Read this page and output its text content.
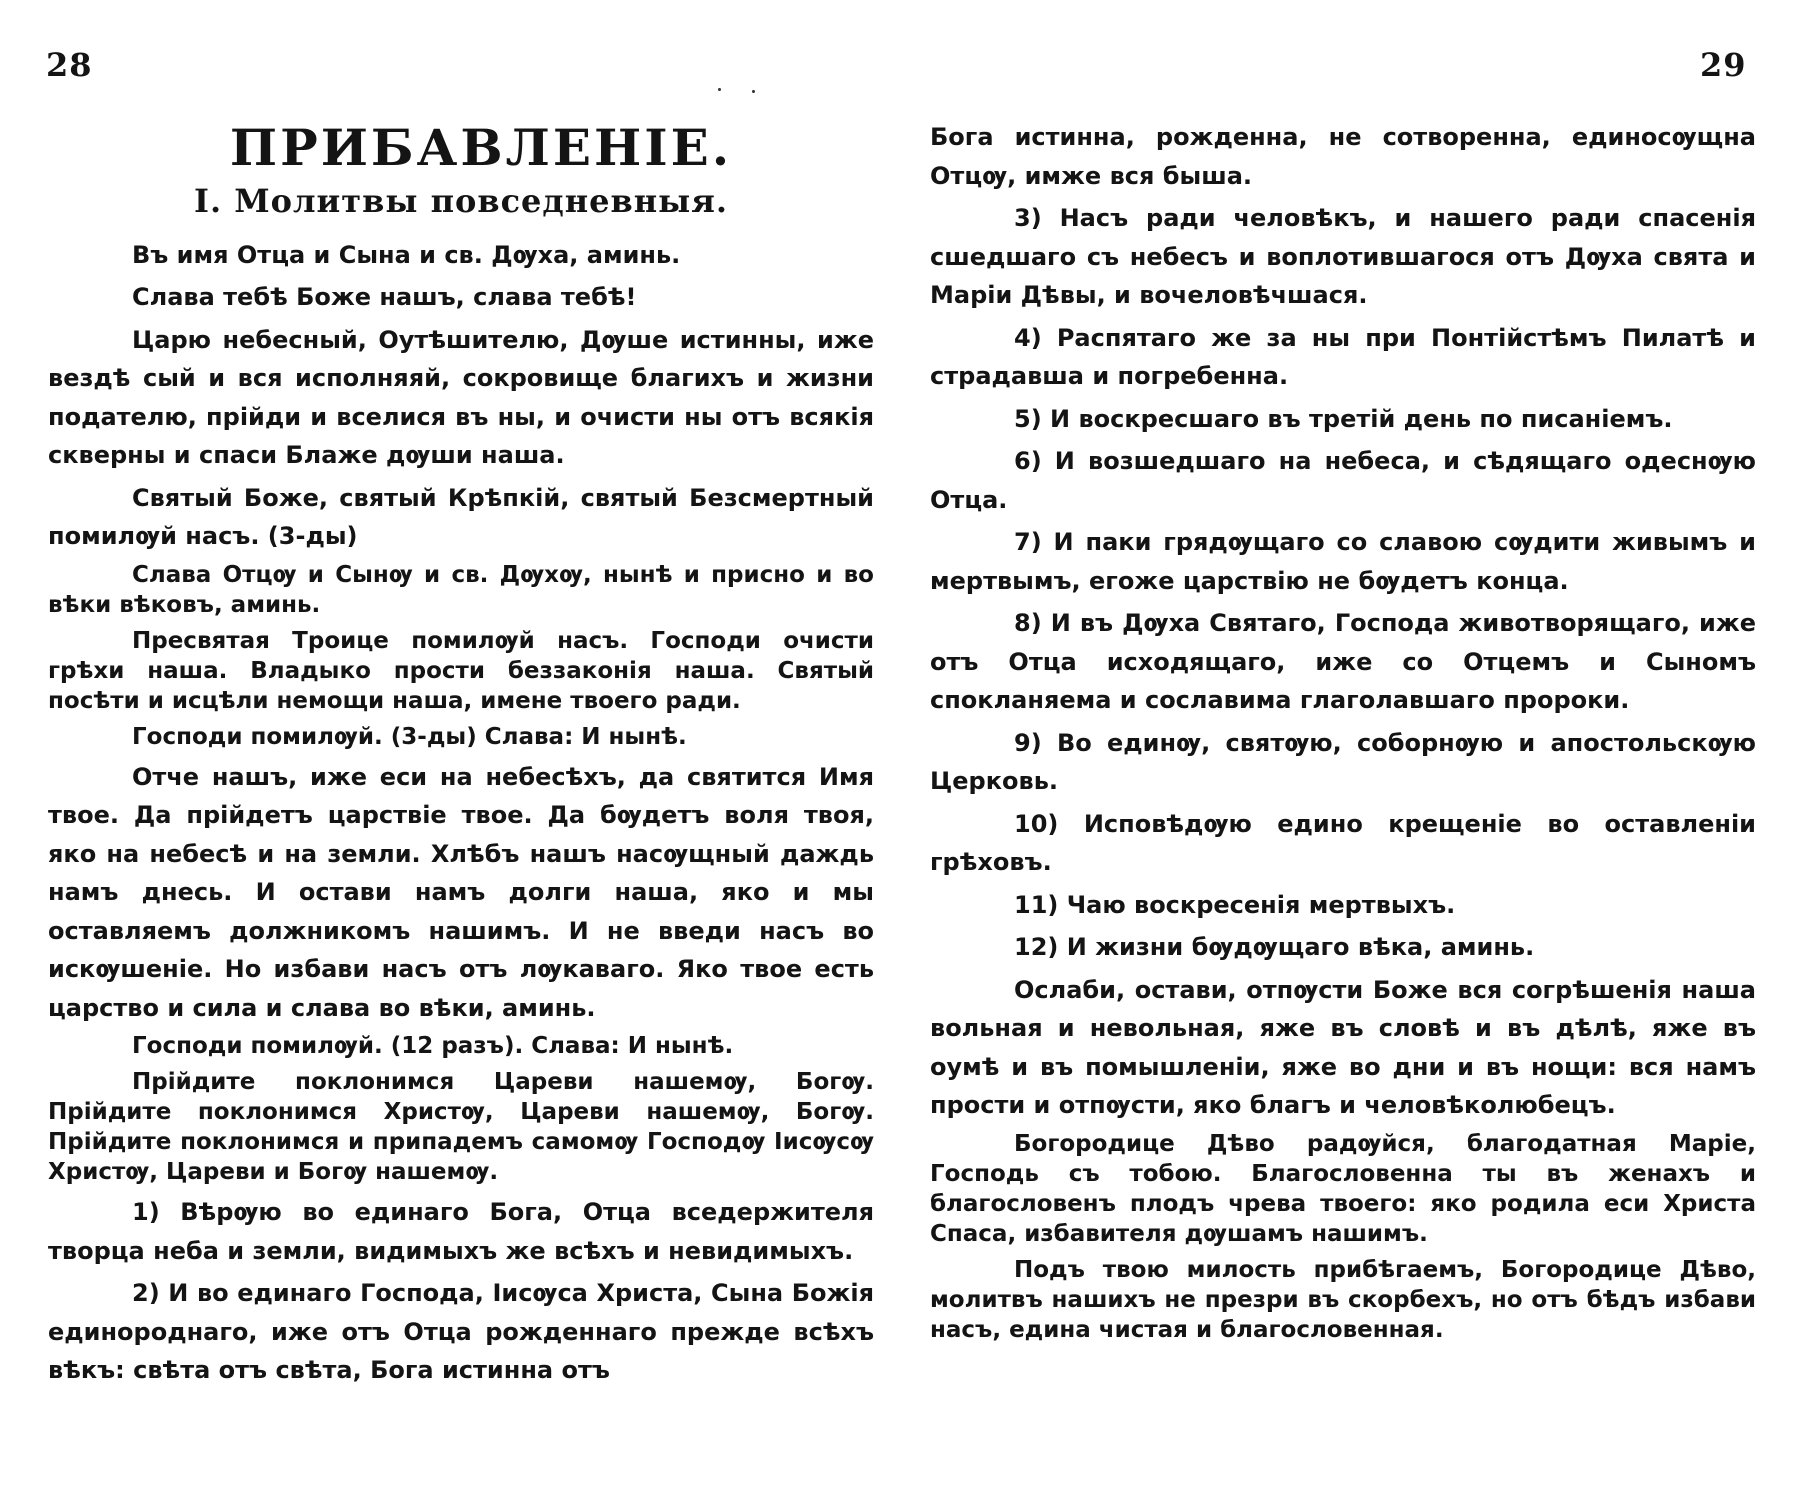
28	29
ПРИБАВЛЕНІЕ.
I. Молитвы повседневныя.

Въ имя Отца и Сына и св. Дѹха, аминь.

Слава тебѣ Боже нашъ, слава тебѣ!

Царю небесный, Оутѣшителю, Дѹше истинны, иже вездѣ сый и вся исполняяй, сокровище благихъ и жизни подателю, прійди и вселися въ ны, и очисти ны отъ всякія скверны и спаси Блаже дѹши наша.

Святый Боже, святый Крѣпкій, святый Безсмертный помилѹй насъ. (3-ды)

Слава Отцѹ и Сынѹ и св. Дѹхѹ, нынѣ и присно и во вѣки вѣковъ, аминь.

Пресвятая Троице помилѹй насъ. Господи очисти грѣхи наша. Владыко прости беззаконія наша. Святый посѣти и исцѣли немощи наша, имене твоего ради.

Господи помилѹй. (3-ды) Слава: И нынѣ.

Отче нашъ, иже еси на небесѣхъ, да святится Имя твое. Да прійдетъ царствіе твое. Да бѹдетъ воля твоя, яко на небесѣ и на земли. Хлѣбъ нашъ насѹщный даждь намъ днесь. И остави намъ долги наша, яко и мы оставляемъ должникомъ нашимъ. И не введи насъ во искѹшеніе. Но избави насъ отъ лѹкаваго. Яко твое есть царство и сила и слава во вѣки, аминь.

Господи помилѹй. (12 разъ). Слава: И нынѣ.

Прійдите поклонимся Цареви нашемѹ, Богѹ. Прійдите поклонимся Христѹ, Цареви нашемѹ, Богѹ. Прійдите поклонимся и припадемъ самомѹ Господѹ Іисѹсѹ Христѹ, Цареви и Богѹ нашемѹ.

1) Вѣрѹю во единаго Бога, Отца вседержителя творца неба и земли, видимыхъ же всѣхъ и невидимыхъ.

2) И во единаго Господа, Іисѹса Христа, Сына Божія единороднаго, иже отъ Отца рожденнаго прежде всѣхъ вѣкъ: свѣта отъ свѣта, Бога истинна отъ

Бога истинна, рожденна, не сотворенна, единосѹщна Отцѹ, имже вся быша.

3) Насъ ради человѣкъ, и нашего ради спасенія сшедшаго съ небесъ и воплотившагося отъ Дѹха свята и Маріи Дѣвы, и вочеловѣчшася.

4) Распятаго же за ны при Понтійстѣмъ Пилатѣ и страдавша и погребенна.

5) И воскресшаго въ третій день по писаніемъ.

6) И возшедшаго на небеса, и сѣдящаго одеснѹю Отца.

7) И паки грядѹщаго со славою сѹдити живымъ и мертвымъ, егоже царствію не бѹдетъ конца.

8) И въ Дѹха Святаго, Господа животворящаго, иже отъ Отца исходящаго, иже со Отцемъ и Сыномъ спокланяема и сославима глаголавшаго пророки.

9) Во единѹ, святѹю, соборнѹю и апостольскѹю Церковь.

10) Исповѣдѹю едино крещеніе во оставленіи грѣховъ.

11) Чаю воскресенія мертвыхъ.

12) И жизни бѹдѹщаго вѣка, аминь.

Ослаби, остави, отпѹсти Боже вся согрѣшенія наша вольная и невольная, яже въ словѣ и въ дѣлѣ, яже въ оумѣ и въ помышленіи, яже во дни и въ нощи: вся намъ прости и отпѹсти, яко благъ и человѣколюбецъ.

Богородице Дѣво радѹйся, благодатная Маріе, Господь съ тобою. Благословенна ты въ женахъ и благословенъ плодъ чрева твоего: яко родила еси Христа Спаса, избавителя дѹшамъ нашимъ.

Подъ твою милость прибѣгаемъ, Богородице Дѣво, молитвъ нашихъ не презри въ скорбехъ, но отъ бѣдъ избави насъ, едина чистая и благословенная.
